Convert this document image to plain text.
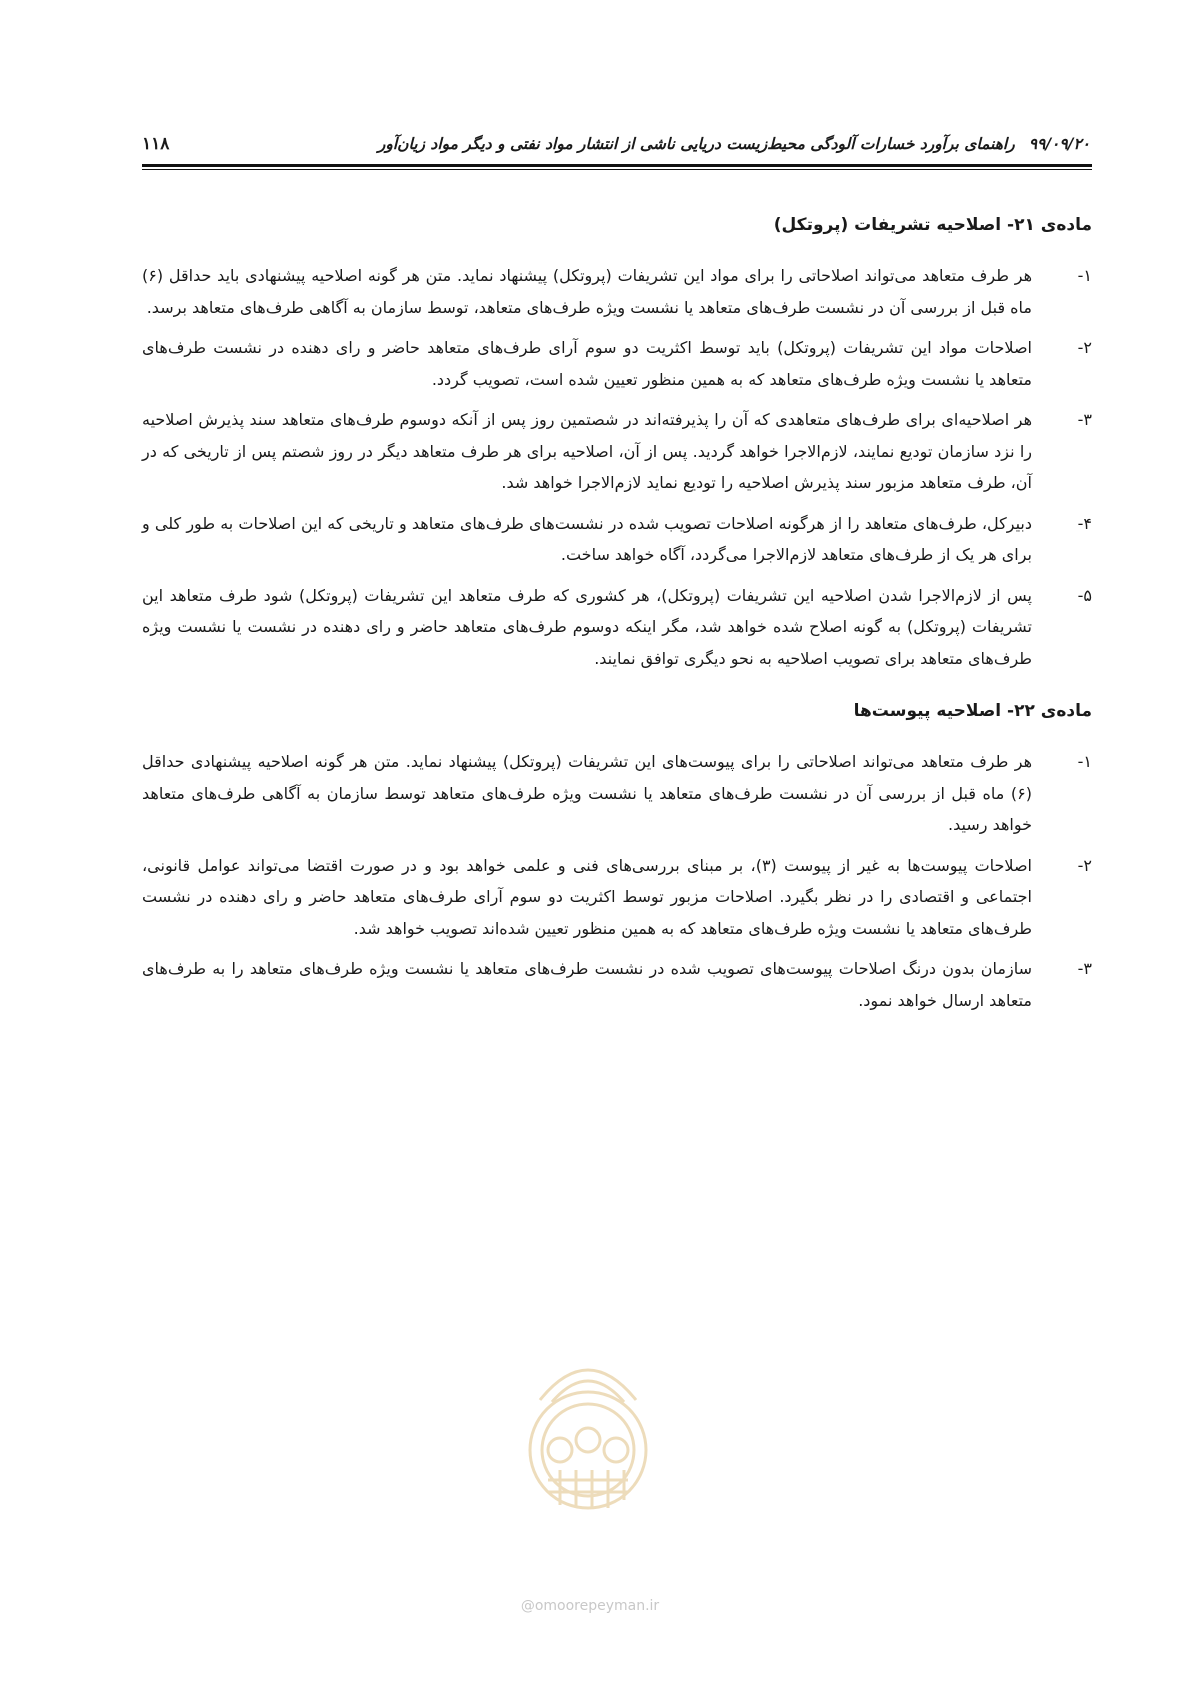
۹۹/۰۹/۲۰راهنمای برآورد خسارات آلودگی محیط‌زیست دریایی ناشی از انتشار مواد نفتی و دیگر مواد زیان‌آور
۱۱۸
ماده‌ی ۲۱- اصلاحیه تشریفات (پروتکل)
۱-
هر طرف متعاهد می‌تواند اصلاحاتی را برای مواد این تشریفات (پروتکل) پیشنهاد نماید. متن هر گونه اصلاحیه پیشنهادی باید حداقل (۶) ماه قبل از بررسی آن در نشست طرف‌های متعاهد یا نشست ویژه طرف‌های متعاهد، توسط سازمان به آگاهی طرف‌های متعاهد برسد.
۲-
اصلاحات مواد این تشریفات (پروتکل) باید توسط اکثریت دو سوم آرای طرف‌های متعاهد حاضر و رای دهنده در نشست طرف‌های متعاهد یا نشست ویژه طرف‌های متعاهد که به همین منظور تعیین شده است، تصویب گردد.
۳-
هر اصلاحیه‌ای برای طرف‌های متعاهدی که آن را پذیرفته‌اند در شصتمین روز پس از آنکه دوسوم طرف‌های متعاهد سند پذیرش اصلاحیه را نزد سازمان تودیع نمایند، لازم‌الاجرا خواهد گردید. پس از آن، اصلاحیه برای هر طرف متعاهد دیگر در روز شصتم پس از تاریخی که در آن، طرف متعاهد مزبور سند پذیرش اصلاحیه را تودیع نماید لازم‌الاجرا خواهد شد.
۴-
دبیرکل، طرف‌های متعاهد را از هرگونه اصلاحات تصویب شده در نشست‌های طرف‌های متعاهد و تاریخی که این اصلاحات به طور کلی و برای هر یک از طرف‌های متعاهد لازم‌الاجرا می‌گردد، آگاه خواهد ساخت.
۵-
پس از لازم‌الاجرا شدن اصلاحیه این تشریفات (پروتکل)، هر کشوری که طرف متعاهد این تشریفات (پروتکل) شود طرف متعاهد این تشریفات (پروتکل) به گونه اصلاح شده خواهد شد، مگر اینکه دوسوم طرف‌های متعاهد حاضر و رای دهنده در نشست یا نشست ویژه طرف‌های متعاهد برای تصویب اصلاحیه به نحو دیگری توافق نمایند.
ماده‌ی ۲۲- اصلاحیه پیوست‌ها
۱-
هر طرف متعاهد می‌تواند اصلاحاتی را برای پیوست‌های این تشریفات (پروتکل) پیشنهاد نماید. متن هر گونه اصلاحیه پیشنهادی حداقل (۶) ماه قبل از بررسی آن در نشست طرف‌های متعاهد یا نشست ویژه طرف‌های متعاهد توسط سازمان به آگاهی طرف‌های متعاهد خواهد رسید.
۲-
اصلاحات پیوست‌ها به غیر از پیوست (۳)، بر مبنای بررسی‌های فنی و علمی خواهد بود و در صورت اقتضا می‌تواند عوامل قانونی، اجتماعی و اقتصادی را در نظر بگیرد. اصلاحات مزبور توسط اکثریت دو سوم آرای طرف‌های متعاهد حاضر و رای دهنده در نشست طرف‌های متعاهد یا نشست ویژه طرف‌های متعاهد که به همین منظور تعیین شده‌اند تصویب خواهد شد.
۳-
سازمان بدون درنگ اصلاحات پیوست‌های تصویب شده در نشست طرف‌های متعاهد یا نشست ویژه طرف‌های متعاهد را به طرف‌های متعاهد ارسال خواهد نمود.
@omoorepeyman.ir
